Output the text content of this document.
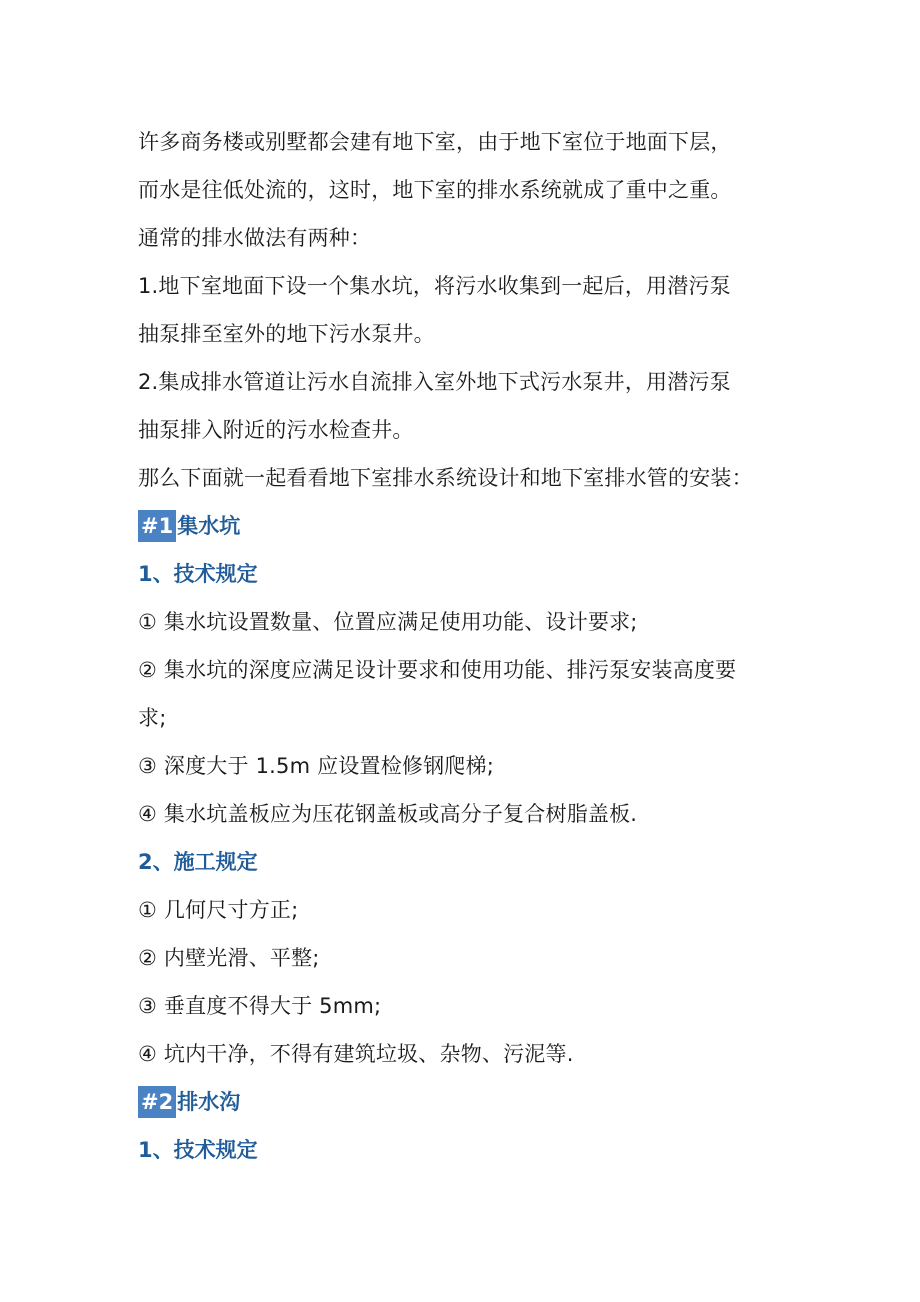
许多商务楼或别墅都会建有地下室，由于地下室位于地面下层，
而水是往低处流的，这时，地下室的排水系统就成了重中之重。
通常的排水做法有两种：
1.地下室地面下设一个集水坑，将污水收集到一起后，用潜污泵
抽泵排至室外的地下污水泵井。
2.集成排水管道让污水自流排入室外地下式污水泵井，用潜污泵
抽泵排入附近的污水检查井。
那么下面就一起看看地下室排水系统设计和地下室排水管的安装：
#1 集水坑
1、技术规定
① 集水坑设置数量、位置应满足使用功能、设计要求;
② 集水坑的深度应满足设计要求和使用功能、排污泵安装高度要
求;
③ 深度大于 1.5m 应设置检修钢爬梯;
④ 集水坑盖板应为压花钢盖板或高分子复合树脂盖板.
2、施工规定
① 几何尺寸方正;
② 内壁光滑、平整;
③ 垂直度不得大于 5mm;
④ 坑内干净，不得有建筑垃圾、杂物、污泥等.
#2 排水沟
1、技术规定
